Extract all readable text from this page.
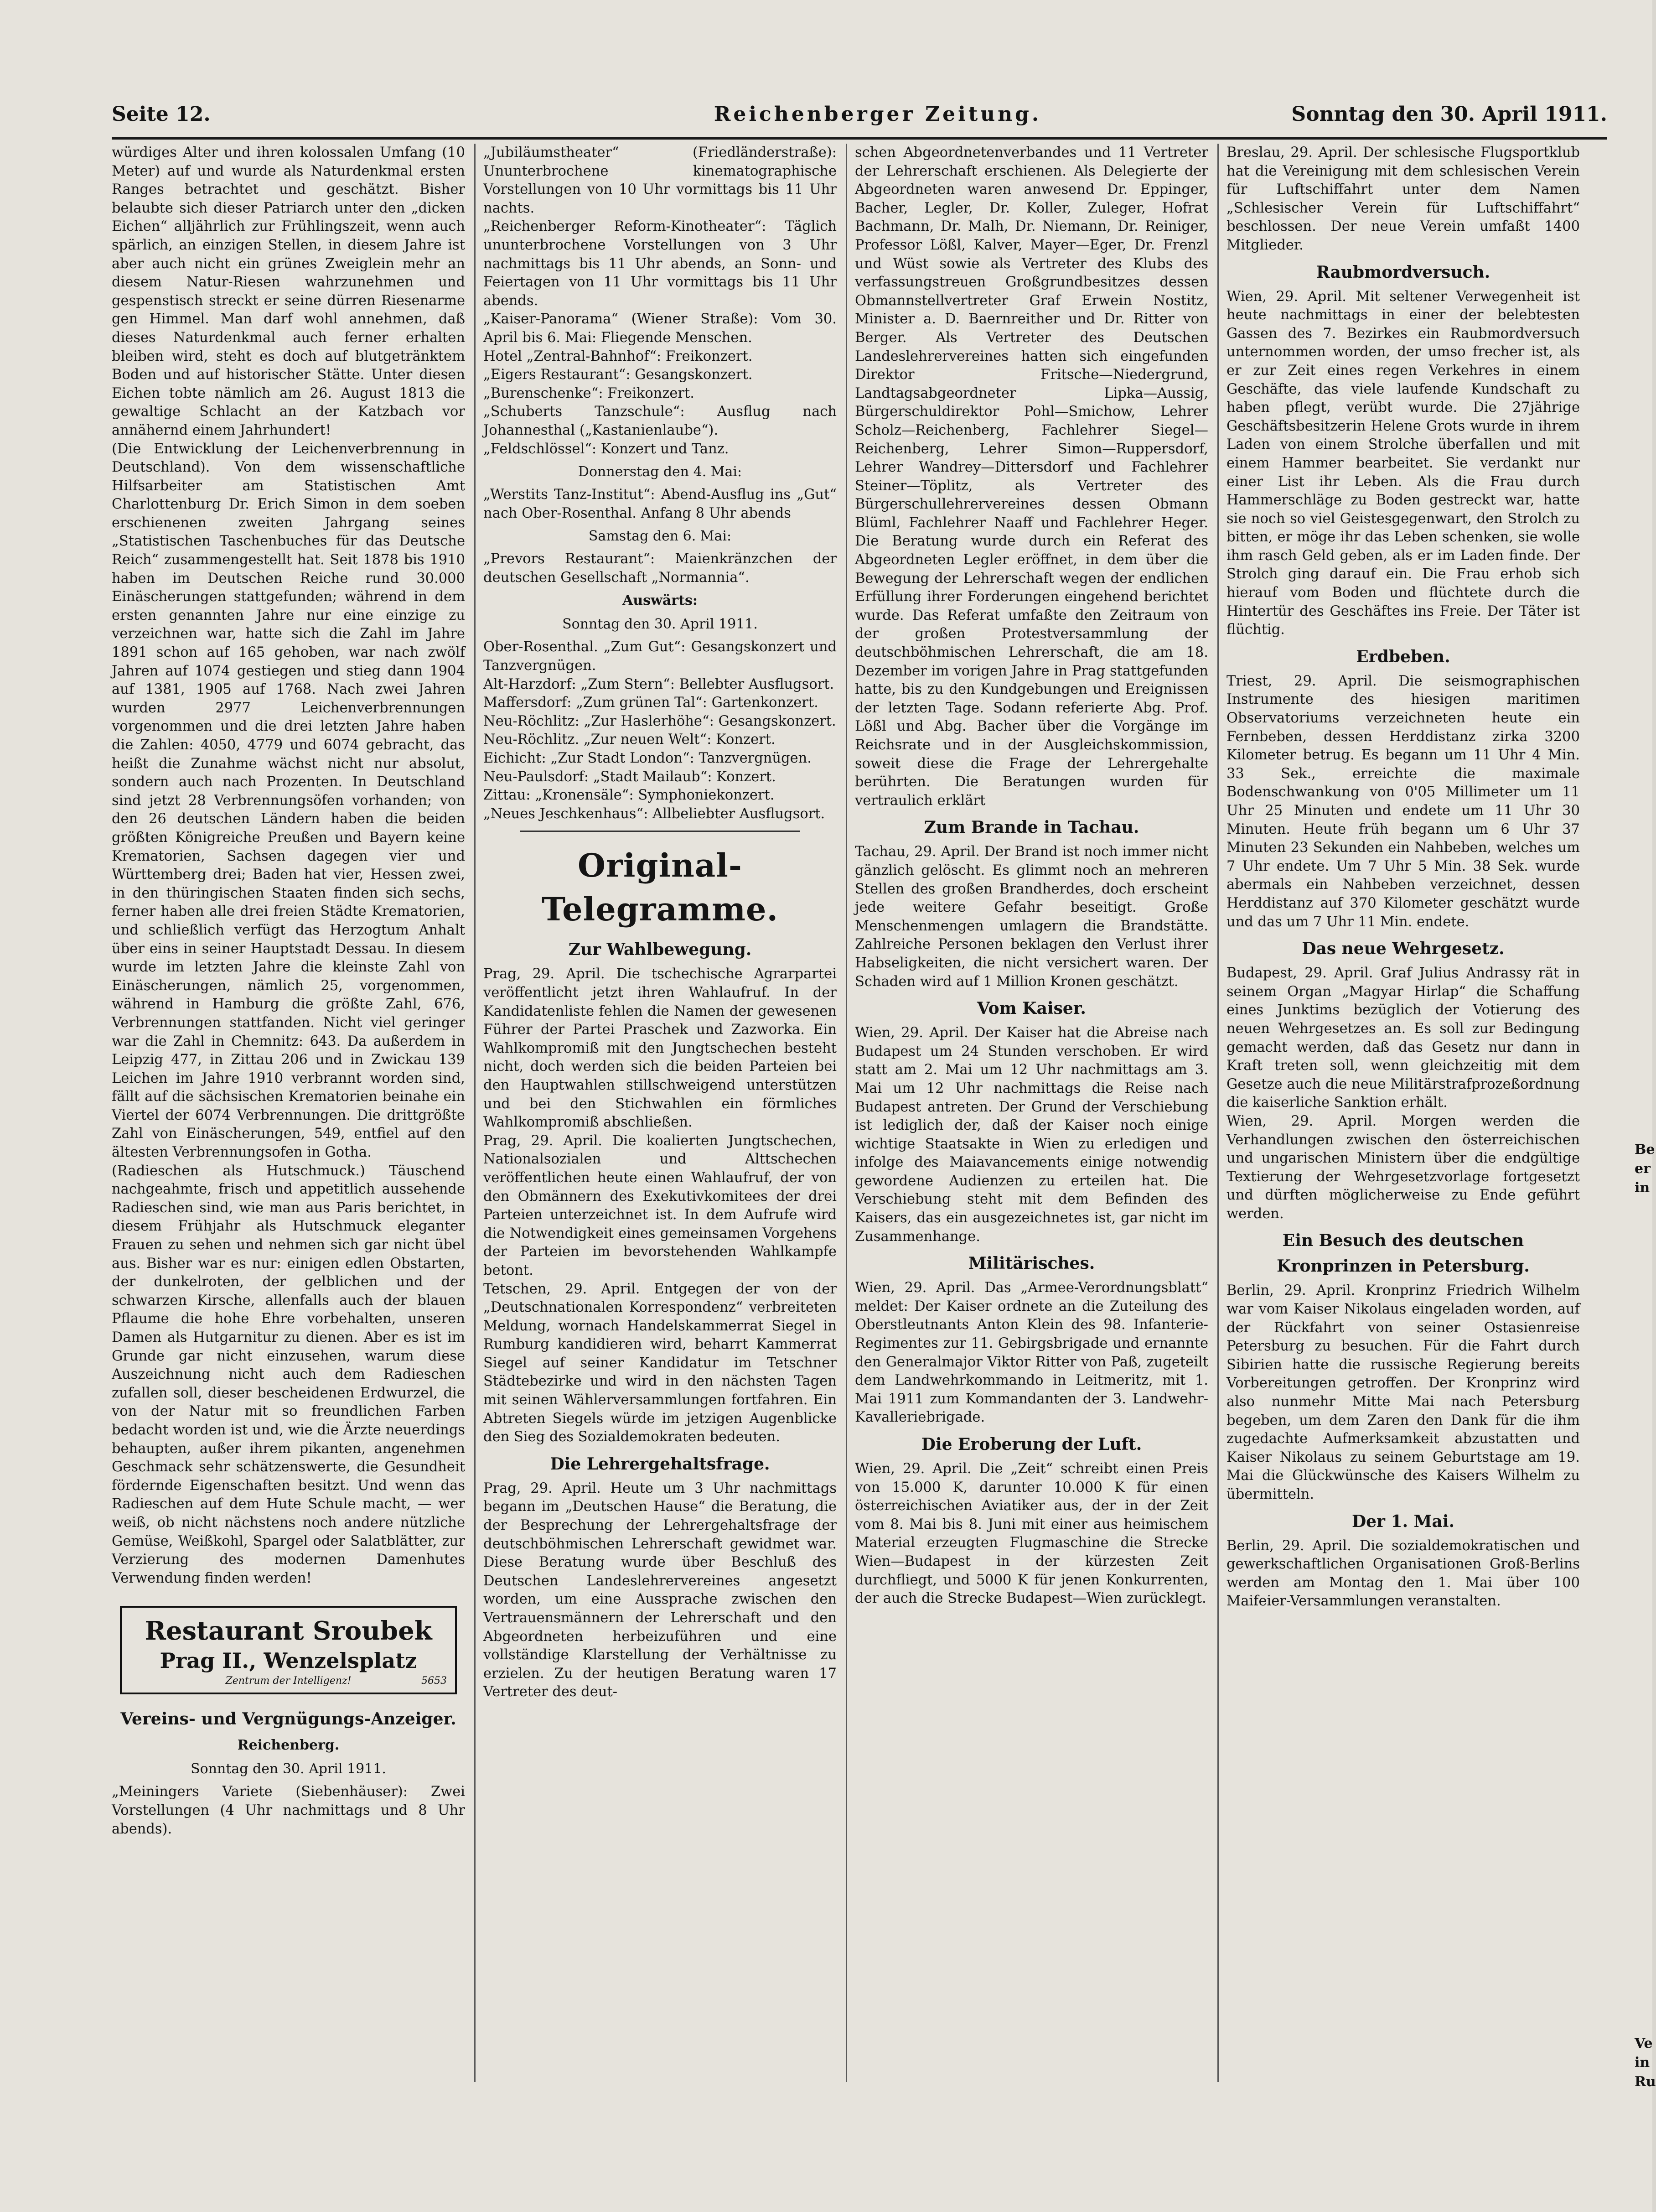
Seite 12.	Reichenberger Zeitung.	Sonntag den 30. April 1911.

würdiges Alter und ihren kolossalen Umfang (10 Meter) auf und wurde als Naturdenkmal ersten Ranges betrachtet und geschätzt. Bisher belaubte sich dieser Patriarch unter den „dicken Eichen“ alljährlich zur Frühlingszeit, wenn auch spärlich, an einzigen Stellen, in diesem Jahre ist aber auch nicht ein grünes Zweiglein mehr an diesem Natur-Riesen wahrzunehmen und gespenstisch streckt er seine dürren Riesenarme gen Himmel. Man darf wohl annehmen, daß dieses Naturdenkmal auch ferner erhalten bleiben wird, steht es doch auf blutgetränktem Boden und auf historischer Stätte. Unter diesen Eichen tobte nämlich am 26. August 1813 die gewaltige Schlacht an der Katzbach vor annähernd einem Jahrhundert!

(Die Entwicklung der Leichenverbrennung in Deutschland). Von dem wissenschaftliche Hilfsarbeiter am Statistischen Amt Charlottenburg Dr. Erich Simon in dem soeben erschienenen zweiten Jahrgang seines „Statistischen Taschenbuches für das Deutsche Reich“ zusammengestellt hat. Seit 1878 bis 1910 haben im Deutschen Reiche rund 30.000 Einäscherungen stattgefunden; während in dem ersten genannten Jahre nur eine einzige zu verzeichnen war, hatte sich die Zahl im Jahre 1891 schon auf 165 gehoben, war nach zwölf Jahren auf 1074 gestiegen und stieg dann 1904 auf 1381, 1905 auf 1768. Nach zwei Jahren wurden 2977 Leichenverbrennungen vorgenommen und die drei letzten Jahre haben die Zahlen: 4050, 4779 und 6074 gebracht, das heißt die Zunahme wächst nicht nur absolut, sondern auch nach Prozenten. In Deutschland sind jetzt 28 Verbrennungsöfen vorhanden; von den 26 deutschen Ländern haben die beiden größten Königreiche Preußen und Bayern keine Krematorien, Sachsen dagegen vier und Württemberg drei; Baden hat vier, Hessen zwei, in den thüringischen Staaten finden sich sechs, ferner haben alle drei freien Städte Krematorien, und schließlich verfügt das Herzogtum Anhalt über eins in seiner Hauptstadt Dessau. In diesem wurde im letzten Jahre die kleinste Zahl von Einäscherungen, nämlich 25, vorgenommen, während in Hamburg die größte Zahl, 676, Verbrennungen stattfanden. Nicht viel geringer war die Zahl in Chemnitz: 643. Da außerdem in Leipzig 477, in Zittau 206 und in Zwickau 139 Leichen im Jahre 1910 verbrannt worden sind, fällt auf die sächsischen Krematorien beinahe ein Viertel der 6074 Verbrennungen. Die drittgrößte Zahl von Einäscherungen, 549, entfiel auf den ältesten Verbrennungsofen in Gotha.

(Radieschen als Hutschmuck.) Täuschend nachgeahmte, frisch und appetitlich aussehende Radieschen sind, wie man aus Paris berichtet, in diesem Frühjahr als Hutschmuck eleganter Frauen zu sehen und nehmen sich gar nicht übel aus. Bisher war es nur: einigen edlen Obstarten, der dunkelroten, der gelblichen und der schwarzen Kirsche, allenfalls auch der blauen Pflaume die hohe Ehre vorbehalten, unseren Damen als Hutgarnitur zu dienen. Aber es ist im Grunde gar nicht einzusehen, warum diese Auszeichnung nicht auch dem Radieschen zufallen soll, dieser bescheidenen Erdwurzel, die von der Natur mit so freundlichen Farben bedacht worden ist und, wie die Ärzte neuerdings behaupten, außer ihrem pikanten, angenehmen Geschmack sehr schätzenswerte, die Gesundheit fördernde Eigenschaften besitzt. Und wenn das Radieschen auf dem Hute Schule macht, — wer weiß, ob nicht nächstens noch andere nützliche Gemüse, Weißkohl, Spargel oder Salatblätter, zur Verzierung des modernen Damenhutes Verwendung finden werden!

Restaurant Sroubek
Prag II., Wenzelsplatz
Zentrum der Intelligenz!	5653
Vereins- und Vergnügungs-Anzeiger.
Reichenberg.
Sonntag den 30. April 1911.

„Meiningers Variete (Siebenhäuser): Zwei Vorstellungen (4 Uhr nachmittags und 8 Uhr abends).

„Jubiläumstheater“ (Friedländerstraße): Ununterbrochene kinematographische Vorstellungen von 10 Uhr vormittags bis 11 Uhr nachts.

„Reichenberger Reform-Kinotheater“: Täglich ununterbrochene Vorstellungen von 3 Uhr nachmittags bis 11 Uhr abends, an Sonn- und Feiertagen von 11 Uhr vormittags bis 11 Uhr abends.

„Kaiser-Panorama“ (Wiener Straße): Vom 30. April bis 6. Mai: Fliegende Menschen.

Hotel „Zentral-Bahnhof“: Freikonzert.

„Eigers Restaurant“: Gesangskonzert.

„Burenschenke“: Freikonzert.

„Schuberts Tanzschule“: Ausflug nach Johannesthal („Kastanienlaube“).

„Feldschlössel“: Konzert und Tanz.

Donnerstag den 4. Mai:

„Werstits Tanz-Institut“: Abend-Ausflug ins „Gut“ nach Ober-Rosenthal. Anfang 8 Uhr abends

Samstag den 6. Mai:

„Prevors Restaurant“: Maienkränzchen der deutschen Gesellschaft „Normannia“.

Auswärts:
Sonntag den 30. April 1911.

Ober-Rosenthal. „Zum Gut“: Gesangskonzert und Tanzvergnügen.

Alt-Harzdorf: „Zum Stern“: Bellebter Ausflugsort.

Maffersdorf: „Zum grünen Tal“: Gartenkonzert.

Neu-Röchlitz: „Zur Haslerhöhe“: Gesangskonzert.

Neu-Röchlitz. „Zur neuen Welt“: Konzert.

Eichicht: „Zur Stadt London“: Tanzvergnügen.

Neu-Paulsdorf: „Stadt Mailaub“: Konzert.

Zittau: „Kronensäle“: Symphoniekonzert.

„Neues Jeschkenhaus“: Allbeliebter Ausflugsort.

Original-Telegramme.
Zur Wahlbewegung.

Prag, 29. April. Die tschechische Agrarpartei veröffentlicht jetzt ihren Wahlaufruf. In der Kandidatenliste fehlen die Namen der gewesenen Führer der Partei Praschek und Zazworka. Ein Wahlkompromiß mit den Jungtschechen besteht nicht, doch werden sich die beiden Parteien bei den Hauptwahlen stillschweigend unterstützen und bei den Stichwahlen ein förmliches Wahlkompromiß abschließen.

Prag, 29. April. Die koalierten Jungtschechen, Nationalsozialen und Alttschechen veröffentlichen heute einen Wahlaufruf, der von den Obmännern des Exekutivkomitees der drei Parteien unterzeichnet ist. In dem Aufrufe wird die Notwendigkeit eines gemeinsamen Vorgehens der Parteien im bevorstehenden Wahlkampfe betont.

Tetschen, 29. April. Entgegen der von der „Deutschnationalen Korrespondenz“ verbreiteten Meldung, wornach Handelskammerrat Siegel in Rumburg kandidieren wird, beharrt Kammerrat Siegel auf seiner Kandidatur im Tetschner Städtebezirke und wird in den nächsten Tagen mit seinen Wählerversammlungen fortfahren. Ein Abtreten Siegels würde im jetzigen Augenblicke den Sieg des Sozialdemokraten bedeuten.

Die Lehrergehaltsfrage.

Prag, 29. April. Heute um 3 Uhr nachmittags begann im „Deutschen Hause“ die Beratung, die der Besprechung der Lehrergehaltsfrage der deutschböhmischen Lehrerschaft gewidmet war. Diese Beratung wurde über Beschluß des Deutschen Landeslehrervereines angesetzt worden, um eine Aussprache zwischen den Vertrauensmännern der Lehrerschaft und den Abgeordneten herbeizuführen und eine vollständige Klarstellung der Verhältnisse zu erzielen. Zu der heutigen Beratung waren 17 Vertreter des deut-

schen Abgeordnetenverbandes und 11 Vertreter der Lehrerschaft erschienen. Als Delegierte der Abgeordneten waren anwesend Dr. Eppinger, Bacher, Legler, Dr. Koller, Zuleger, Hofrat Bachmann, Dr. Malh, Dr. Niemann, Dr. Reiniger, Professor Lößl, Kalver, Mayer—Eger, Dr. Frenzl und Wüst sowie als Vertreter des Klubs des verfassungstreuen Großgrundbesitzes dessen Obmannstellvertreter Graf Erwein Nostitz, Minister a. D. Baernreither und Dr. Ritter von Berger. Als Vertreter des Deutschen Landeslehrervereines hatten sich eingefunden Direktor Fritsche—Niedergrund, Landtagsabgeordneter Lipka—Aussig, Bürgerschuldirektor Pohl—Smichow, Lehrer Scholz—Reichenberg, Fachlehrer Siegel—Reichenberg, Lehrer Simon—Ruppersdorf, Lehrer Wandrey—Dittersdorf und Fachlehrer Steiner—Töplitz, als Vertreter des Bürgerschullehrervereines dessen Obmann Blüml, Fachlehrer Naaff und Fachlehrer Heger. Die Beratung wurde durch ein Referat des Abgeordneten Legler eröffnet, in dem über die Bewegung der Lehrerschaft wegen der endlichen Erfüllung ihrer Forderungen eingehend berichtet wurde. Das Referat umfaßte den Zeitraum von der großen Protestversammlung der deutschböhmischen Lehrerschaft, die am 18. Dezember im vorigen Jahre in Prag stattgefunden hatte, bis zu den Kundgebungen und Ereignissen der letzten Tage. Sodann referierte Abg. Prof. Lößl und Abg. Bacher über die Vorgänge im Reichsrate und in der Ausgleichskommission, soweit diese die Frage der Lehrergehalte berührten. Die Beratungen wurden für vertraulich erklärt

Zum Brande in Tachau.

Tachau, 29. April. Der Brand ist noch immer nicht gänzlich gelöscht. Es glimmt noch an mehreren Stellen des großen Brandherdes, doch erscheint jede weitere Gefahr beseitigt. Große Menschenmengen umlagern die Brandstätte. Zahlreiche Personen beklagen den Verlust ihrer Habseligkeiten, die nicht versichert waren. Der Schaden wird auf 1 Million Kronen geschätzt.

Vom Kaiser.

Wien, 29. April. Der Kaiser hat die Abreise nach Budapest um 24 Stunden verschoben. Er wird statt am 2. Mai um 12 Uhr nachmittags am 3. Mai um 12 Uhr nachmittags die Reise nach Budapest antreten. Der Grund der Verschiebung ist lediglich der, daß der Kaiser noch einige wichtige Staatsakte in Wien zu erledigen und infolge des Maiavancements einige notwendig gewordene Audienzen zu erteilen hat. Die Verschiebung steht mit dem Befinden des Kaisers, das ein ausgezeichnetes ist, gar nicht im Zusammenhange.

Militärisches.

Wien, 29. April. Das „Armee-Verordnungsblatt“ meldet: Der Kaiser ordnete an die Zuteilung des Oberstleutnants Anton Klein des 98. Infanterie-Regimentes zur 11. Gebirgsbrigade und ernannte den Generalmajor Viktor Ritter von Paß, zugeteilt dem Landwehrkommando in Leitmeritz, mit 1. Mai 1911 zum Kommandanten der 3. Landwehr-Kavalleriebrigade.

Die Eroberung der Luft.

Wien, 29. April. Die „Zeit“ schreibt einen Preis von 15.000 K, darunter 10.000 K für einen österreichischen Aviatiker aus, der in der Zeit vom 8. Mai bis 8. Juni mit einer aus heimischem Material erzeugten Flugmaschine die Strecke Wien—Budapest in der kürzesten Zeit durchfliegt, und 5000 K für jenen Konkurrenten, der auch die Strecke Budapest—Wien zurücklegt.

Breslau, 29. April. Der schlesische Flugsportklub hat die Vereinigung mit dem schlesischen Verein für Luftschiffahrt unter dem Namen „Schlesischer Verein für Luftschiffahrt“ beschlossen. Der neue Verein umfaßt 1400 Mitglieder.

Raubmordversuch.

Wien, 29. April. Mit seltener Verwegenheit ist heute nachmittags in einer der belebtesten Gassen des 7. Bezirkes ein Raubmordversuch unternommen worden, der umso frecher ist, als er zur Zeit eines regen Verkehres in einem Geschäfte, das viele laufende Kundschaft zu haben pflegt, verübt wurde. Die 27jährige Geschäftsbesitzerin Helene Grots wurde in ihrem Laden von einem Strolche überfallen und mit einem Hammer bearbeitet. Sie verdankt nur einer List ihr Leben. Als die Frau durch Hammerschläge zu Boden gestreckt war, hatte sie noch so viel Geistesgegenwart, den Strolch zu bitten, er möge ihr das Leben schenken, sie wolle ihm rasch Geld geben, als er im Laden finde. Der Strolch ging darauf ein. Die Frau erhob sich hierauf vom Boden und flüchtete durch die Hintertür des Geschäftes ins Freie. Der Täter ist flüchtig.

Erdbeben.

Triest, 29. April. Die seismographischen Instrumente des hiesigen maritimen Observatoriums verzeichneten heute ein Fernbeben, dessen Herddistanz zirka 3200 Kilometer betrug. Es begann um 11 Uhr 4 Min. 33 Sek., erreichte die maximale Bodenschwankung von 0'05 Millimeter um 11 Uhr 25 Minuten und endete um 11 Uhr 30 Minuten. Heute früh begann um 6 Uhr 37 Minuten 23 Sekunden ein Nahbeben, welches um 7 Uhr endete. Um 7 Uhr 5 Min. 38 Sek. wurde abermals ein Nahbeben verzeichnet, dessen Herddistanz auf 370 Kilometer geschätzt wurde und das um 7 Uhr 11 Min. endete.

Das neue Wehrgesetz.

Budapest, 29. April. Graf Julius Andrassy rät in seinem Organ „Magyar Hirlap“ die Schaffung eines Junktims bezüglich der Votierung des neuen Wehrgesetzes an. Es soll zur Bedingung gemacht werden, daß das Gesetz nur dann in Kraft treten soll, wenn gleichzeitig mit dem Gesetze auch die neue Militärstrafprozeßordnung die kaiserliche Sanktion erhält.

Wien, 29. April. Morgen werden die Verhandlungen zwischen den österreichischen und ungarischen Ministern über die endgültige Textierung der Wehrgesetzvorlage fortgesetzt und dürften möglicherweise zu Ende geführt werden.

Ein Besuch des deutschen
Kronprinzen in Petersburg.

Berlin, 29. April. Kronprinz Friedrich Wilhelm war vom Kaiser Nikolaus eingeladen worden, auf der Rückfahrt von seiner Ostasienreise Petersburg zu besuchen. Für die Fahrt durch Sibirien hatte die russische Regierung bereits Vorbereitungen getroffen. Der Kronprinz wird also nunmehr Mitte Mai nach Petersburg begeben, um dem Zaren den Dank für die ihm zugedachte Aufmerksamkeit abzustatten und Kaiser Nikolaus zu seinem Geburtstage am 19. Mai die Glückwünsche des Kaisers Wilhelm zu übermitteln.

Der 1. Mai.

Berlin, 29. April. Die sozialdemokratischen und gewerkschaftlichen Organisationen Groß-Berlins werden am Montag den 1. Mai über 100 Maifeier-Versammlungen veranstalten.

Be
er
in
Ve
in
Ru
